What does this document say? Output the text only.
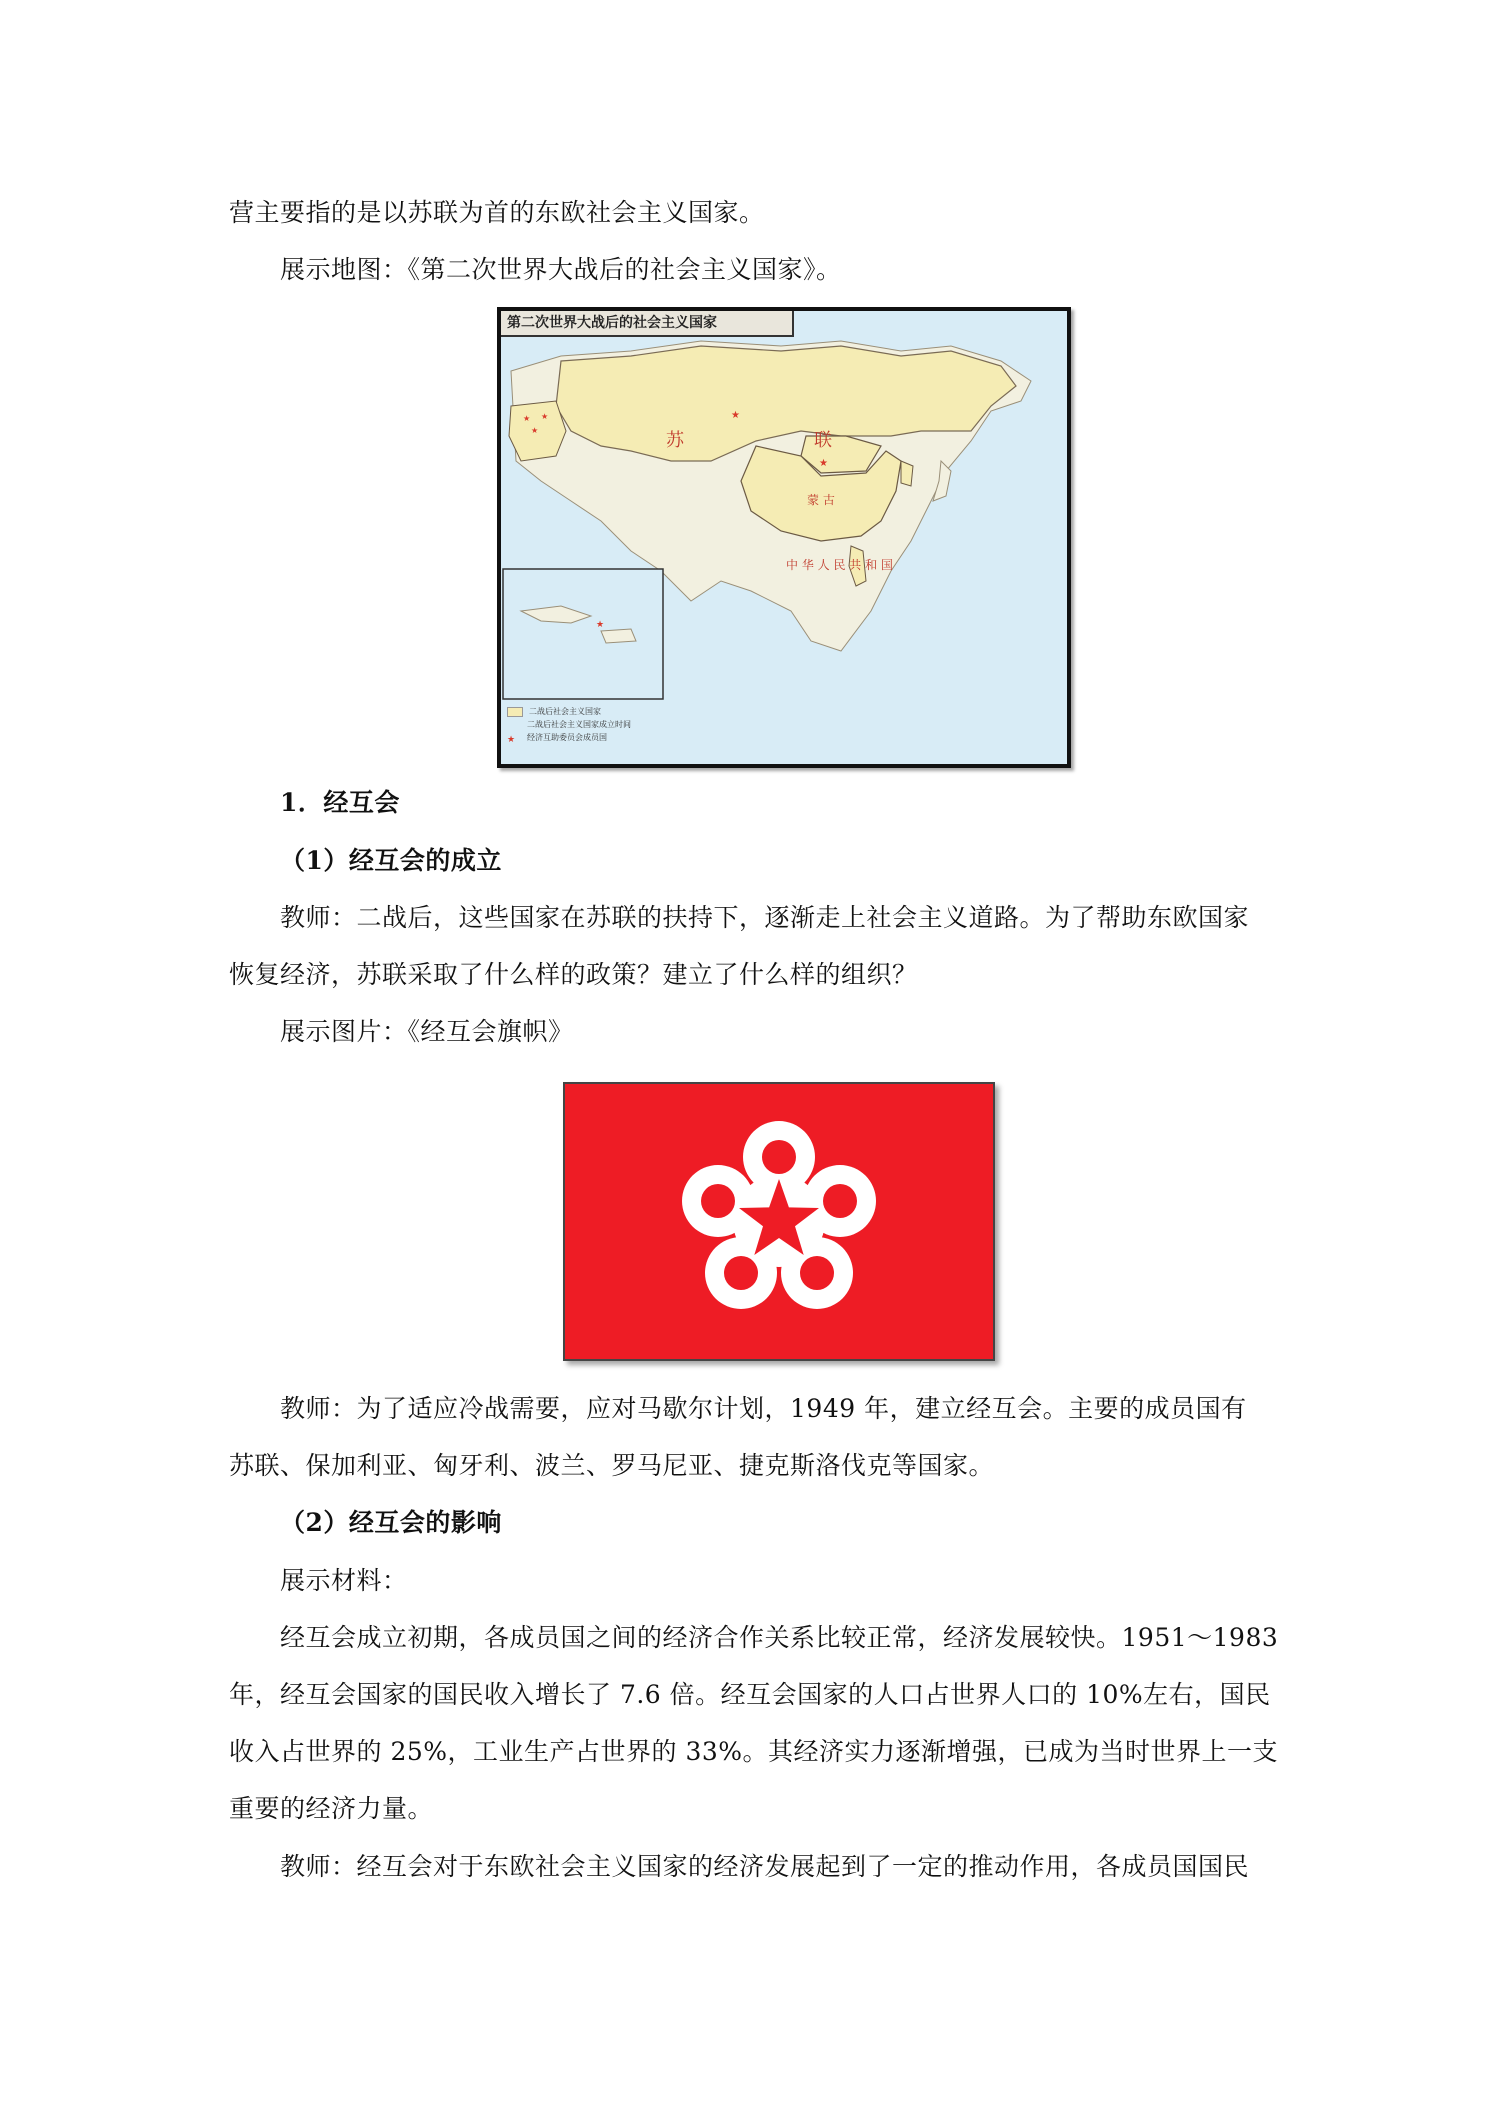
营主要指的是以苏联为首的东欧社会主义国家。
展示地图：《第二次世界大战后的社会主义国家》。
★
★
★
★
★
★
第二次世界大战后的社会主义国家
苏	联
蒙 古
中 华 人 民 共 和 国
二战后社会主义国家
二战后社会主义国家成立时间
★ 经济互助委员会成员国
1．经互会
（1）经互会的成立
教师：二战后，这些国家在苏联的扶持下，逐渐走上社会主义道路。为了帮助东欧国家
恢复经济，苏联采取了什么样的政策？建立了什么样的组织？
展示图片：《经互会旗帜》
教师：为了适应冷战需要，应对马歇尔计划，1949 年，建立经互会。主要的成员国有
苏联、保加利亚、匈牙利、波兰、罗马尼亚、捷克斯洛伐克等国家。
（2）经互会的影响
展示材料：
经互会成立初期，各成员国之间的经济合作关系比较正常，经济发展较快。1951～1983
年，经互会国家的国民收入增长了 7.6 倍。经互会国家的人口占世界人口的 10%左右，国民
收入占世界的 25%，工业生产占世界的 33%。其经济实力逐渐增强，已成为当时世界上一支
重要的经济力量。
教师：经互会对于东欧社会主义国家的经济发展起到了一定的推动作用，各成员国国民
